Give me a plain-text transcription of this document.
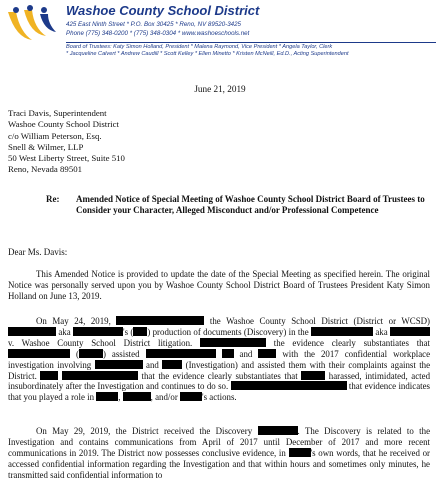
Washoe County School District
425 East Ninth Street * P.O. Box 30425 * Reno, NV 89520-3425
Phone (775) 348-0200 * (775) 348-0304 * www.washoeschools.net
Board of Trustees: Katy Simon Holland, President * Malena Raymond, Vice President * Angela Taylor, Clerk
* Jacqueline Calvert * Andrew Caudill * Scott Kelley * Ellen Minetto * Kristen McNeill, Ed.D., Acting Superintendent
June 21, 2019
Traci Davis, Superintendent
Washoe County School District
c/o William Peterson, Esq.
Snell & Wilmer, LLP
50 West Liberty Street, Suite 510
Reno, Nevada 89501
Re: Amended Notice of Special Meeting of Washoe County School District Board of Trustees to Consider your Character, Alleged Misconduct and/or Professional Competence
Dear Ms. Davis:
This Amended Notice is provided to update the date of the Special Meeting as specified herein. The original Notice was personally served upon you by Washoe County School District Board of Trustees President Katy Simon Holland on June 13, 2019.
On May 24, 2019,	the Washoe County School District (District or WCSD)  aka	's ( ) production of documents (Discovery) in the	aka  v. Washoe County School District litigation.	the evidence clearly substantiates that  (	) assisted	and	with the 2017 confidential workplace investigation involving	and	(Investigation) and assisted them with their complaints against the District.	that the evidence clearly substantiates that	harassed, intimidated, acted insubordinately after the Investigation and continues to do so.	that evidence indicates that you played a role in	,	, and/or	's actions.
On May 29, 2019, the District received the Discovery	. The Discovery is related to the Investigation and contains communications from April of 2017 until December of 2017 and more recent communications in 2019. The District now possesses conclusive evidence, in	's own words, that he received or accessed confidential information regarding the Investigation and that within hours and sometimes only minutes, he transmitted said confidential information to
